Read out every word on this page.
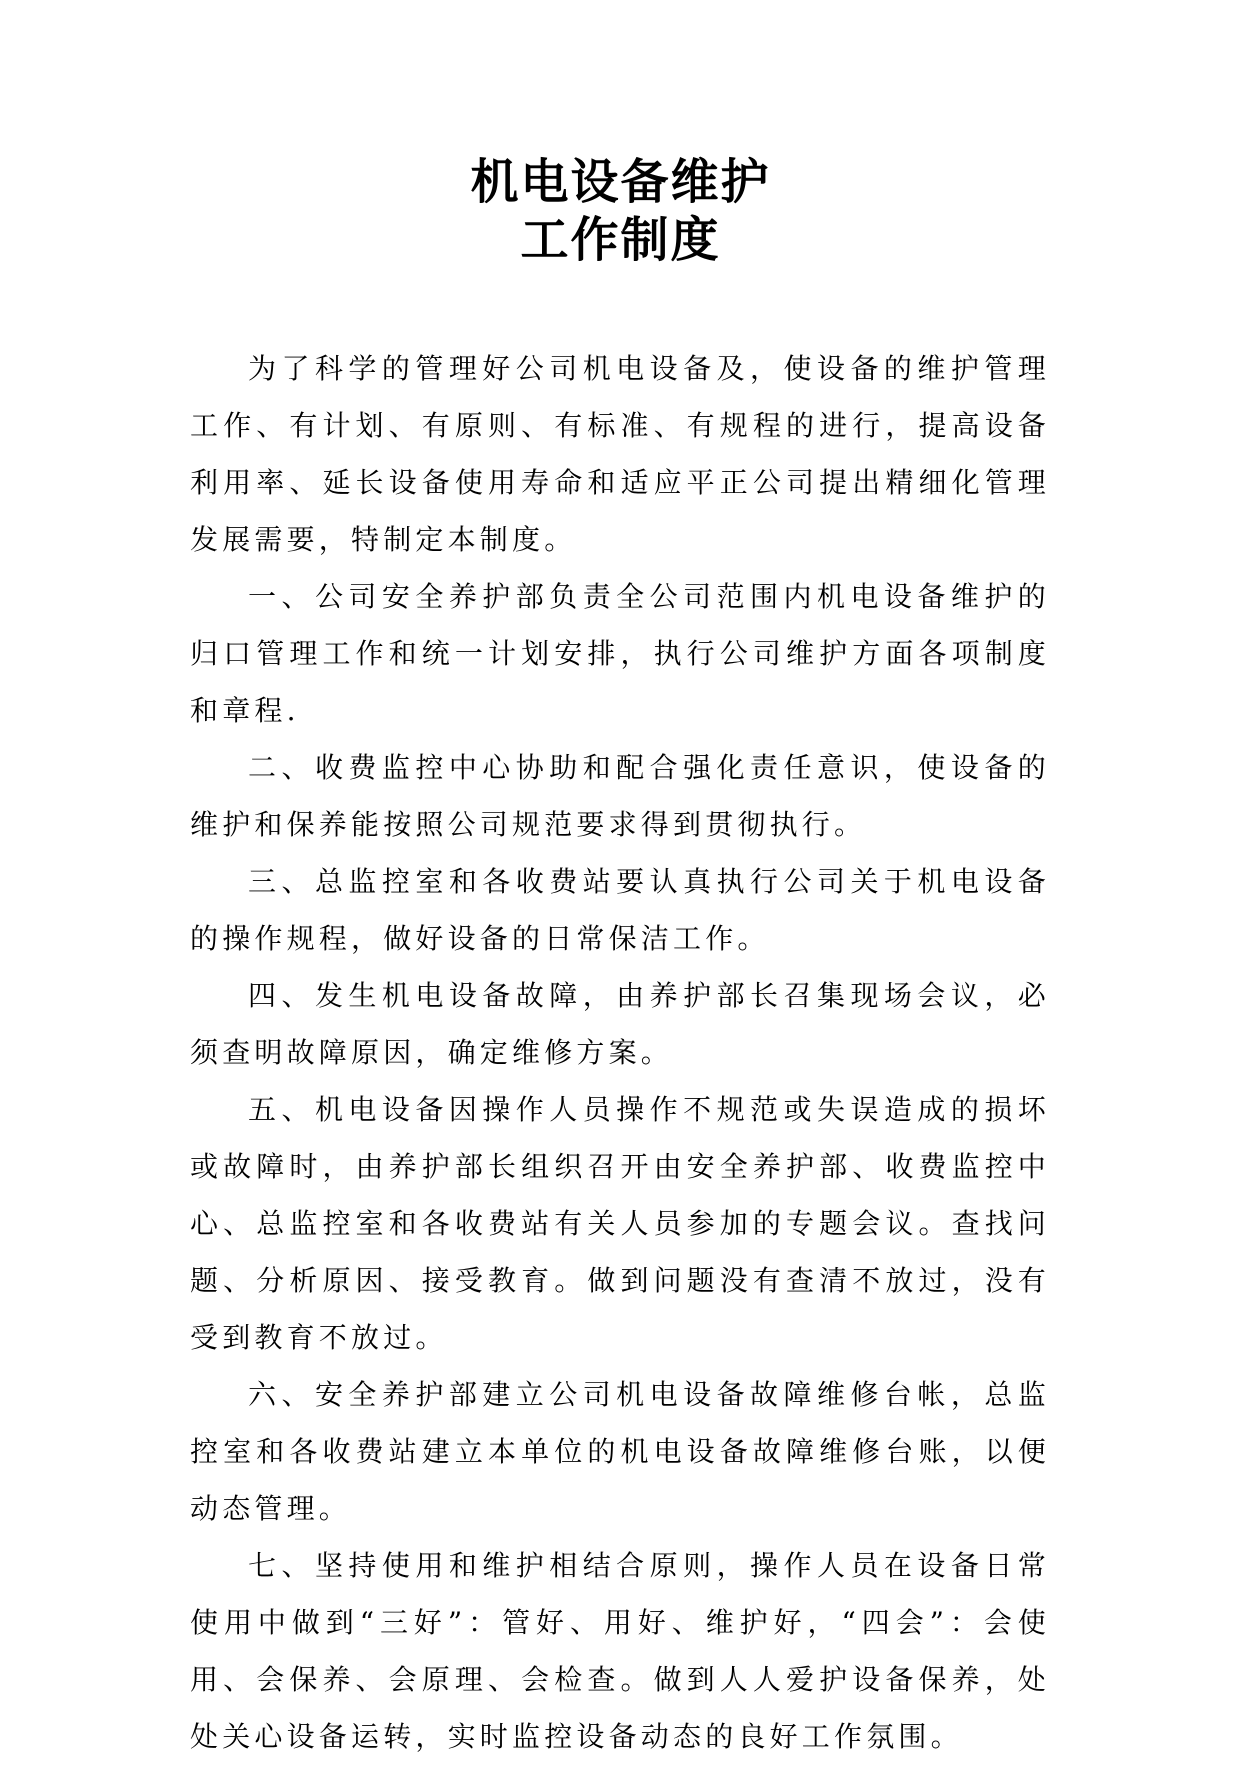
机电设备维护
工作制度

为了科学的管理好公司机电设备及，使设备的维护管理工作、有计划、有原则、有标准、有规程的进行，提高设备利用率、延长设备使用寿命和适应平正公司提出精细化管理发展需要，特制定本制度。

一、公司安全养护部负责全公司范围内机电设备维护的归口管理工作和统一计划安排，执行公司维护方面各项制度和章程.

二、收费监控中心协助和配合强化责任意识，使设备的维护和保养能按照公司规范要求得到贯彻执行。

三、总监控室和各收费站要认真执行公司关于机电设备的操作规程，做好设备的日常保洁工作。

四、发生机电设备故障，由养护部长召集现场会议，必须查明故障原因，确定维修方案。

五、机电设备因操作人员操作不规范或失误造成的损坏或故障时，由养护部长组织召开由安全养护部、收费监控中心、总监控室和各收费站有关人员参加的专题会议。查找问题、分析原因、接受教育。做到问题没有查清不放过，没有受到教育不放过。

六、安全养护部建立公司机电设备故障维修台帐，总监控室和各收费站建立本单位的机电设备故障维修台账，以便动态管理。

七、坚持使用和维护相结合原则，操作人员在设备日常使用中做到“三好”：管好、用好、维护好，“四会”：会使用、会保养、会原理、会检查。做到人人爱护设备保养，处处关心设备运转，实时监控设备动态的良好工作氛围。
